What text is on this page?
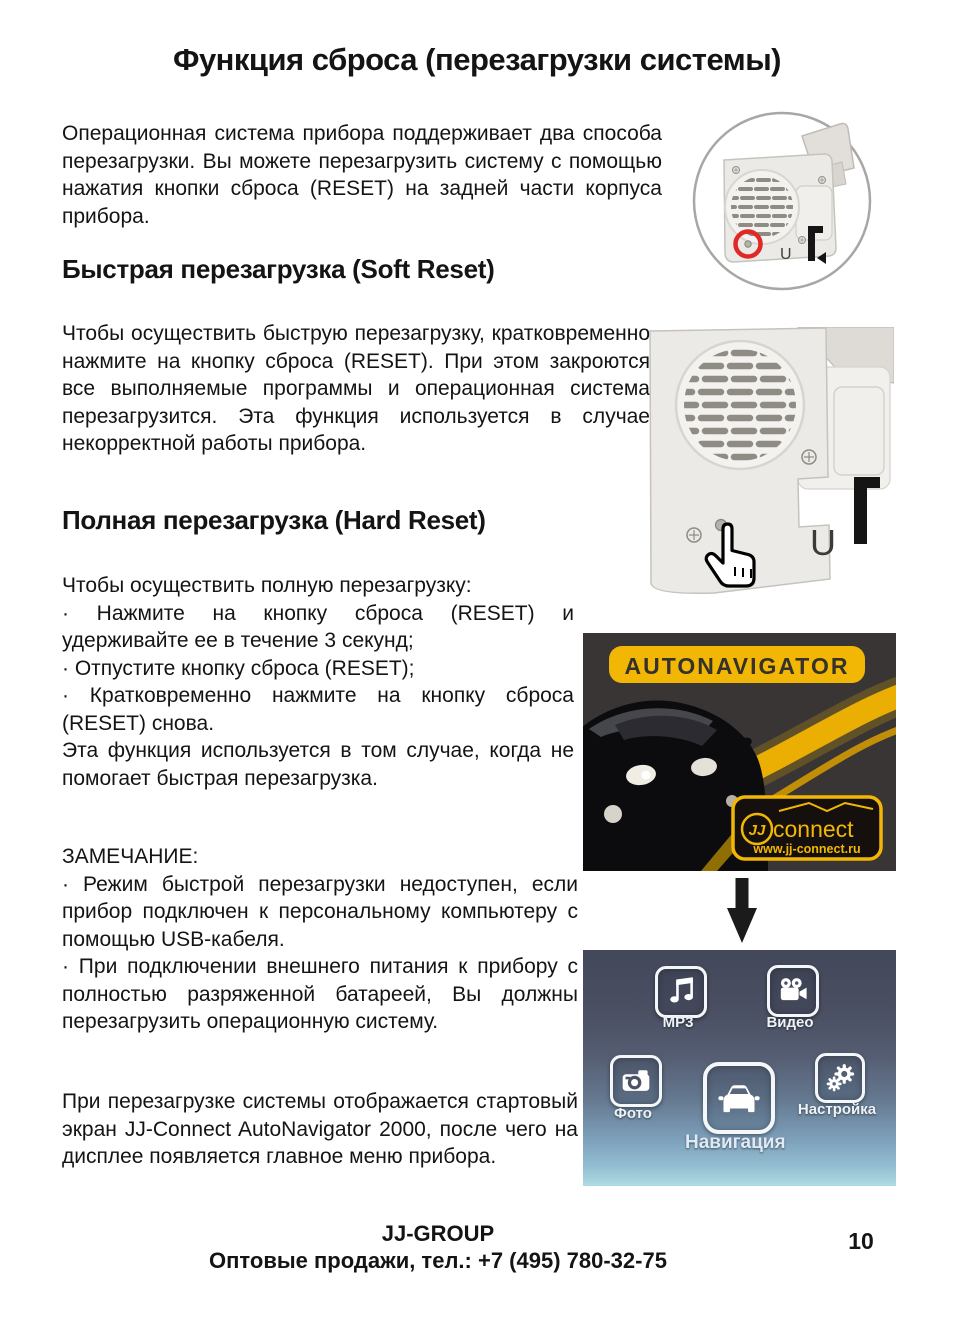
Функция сброса (перезагрузки системы)
Операционная система прибора поддерживает два способа перезагрузки. Вы можете перезагрузить систему с помощью нажатия кнопки сброса (RESET) на задней части корпуса прибора.
U
Быстрая перезагрузка (Soft Reset)
Чтобы осуществить быструю перезагрузку, кратковременно нажмите на кнопку сброса (RESET). При этом закроются все выполняемые программы и операционная система перезагрузится. Эта функция используется в случае некорректной работы прибора.
U
Полная перезагрузка (Hard Reset)

Чтобы осуществить полную перезагрузку:

· Нажмите на кнопку сброса (RESET) и удерживайте ее в течение 3 секунд;

· Отпустите кнопку сброса (RESET);

· Кратковременно нажмите на кнопку сброса (RESET) снова.

Эта функция используется в том случае, когда не помогает быстрая перезагрузка.

AUTONAVIGATOR
JJ connect
www.jj-connect.ru

ЗАМЕЧАНИЕ:

· Режим быстрой перезагрузки недоступен, если прибор подключен к персональному компьютеру с помощью USB-кабеля.

· При подключении внешнего питания к прибору с полностью разряженной батареей, Вы должны перезагрузить операционную систему.	MP3	Видео
Фото
Навигация
Настройка
При перезагрузке системы отображается стартовый экран JJ-Connect AutoNavigator 2000, после чего на дисплее появляется главное меню прибора.
JJ-GROUP
Оптовые продажи, тел.: +7 (495) 780-32-75
10
